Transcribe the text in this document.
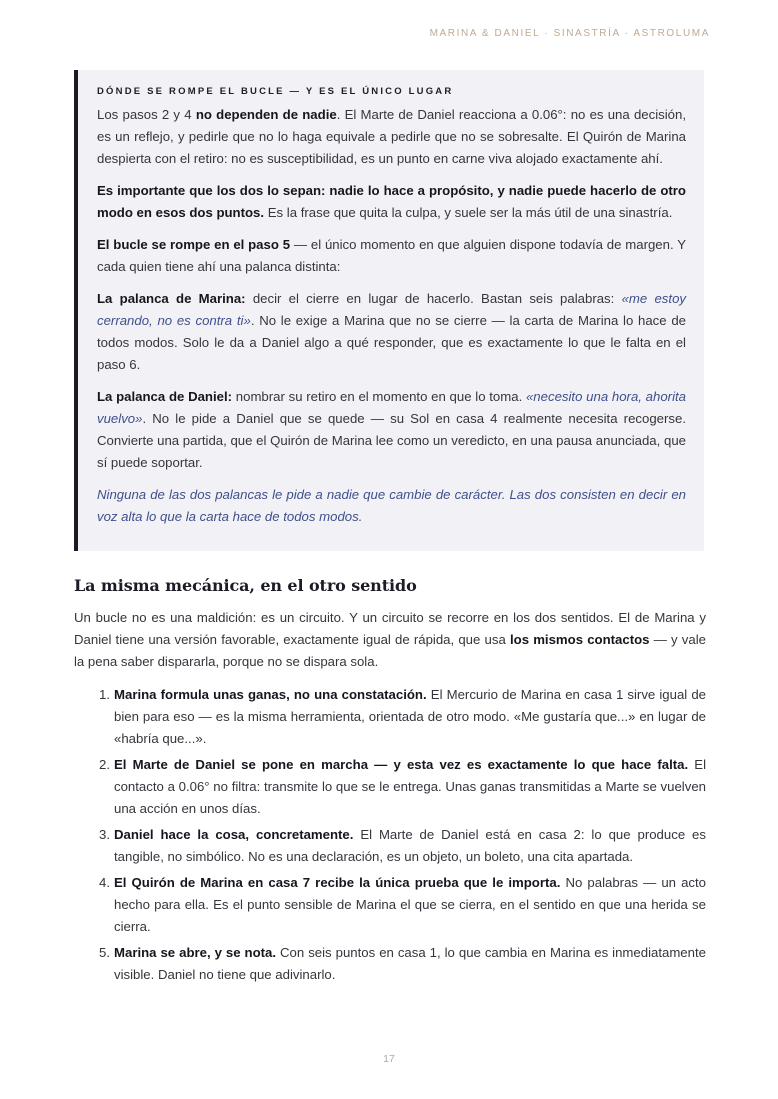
MARINA & DANIEL · SINASTRÍA · ASTROLUMA
DÓNDE SE ROMPE EL BUCLE — Y ES EL ÚNICO LUGAR

Los pasos 2 y 4 no dependen de nadie. El Marte de Daniel reacciona a 0.06°: no es una decisión, es un reflejo, y pedirle que no lo haga equivale a pedirle que no se sobresalte. El Quirón de Marina despierta con el retiro: no es susceptibilidad, es un punto en carne viva alojado exactamente ahí.

Es importante que los dos lo sepan: nadie lo hace a propósito, y nadie puede hacerlo de otro modo en esos dos puntos. Es la frase que quita la culpa, y suele ser la más útil de una sinastría.

El bucle se rompe en el paso 5 — el único momento en que alguien dispone todavía de margen. Y cada quien tiene ahí una palanca distinta:

La palanca de Marina: decir el cierre en lugar de hacerlo. Bastan seis palabras: «me estoy cerrando, no es contra ti». No le exige a Marina que no se cierre — la carta de Marina lo hace de todos modos. Solo le da a Daniel algo a qué responder, que es exactamente lo que le falta en el paso 6.

La palanca de Daniel: nombrar su retiro en el momento en que lo toma. «necesito una hora, ahorita vuelvo». No le pide a Daniel que se quede — su Sol en casa 4 realmente necesita recogerse. Convierte una partida, que el Quirón de Marina lee como un veredicto, en una pausa anunciada, que sí puede soportar.

Ninguna de las dos palancas le pide a nadie que cambie de carácter. Las dos consisten en decir en voz alta lo que la carta hace de todos modos.

La misma mecánica, en el otro sentido

Un bucle no es una maldición: es un circuito. Y un circuito se recorre en los dos sentidos. El de Marina y Daniel tiene una versión favorable, exactamente igual de rápida, que usa los mismos contactos — y vale la pena saber dispararla, porque no se dispara sola.

1. Marina formula unas ganas, no una constatación. El Mercurio de Marina en casa 1 sirve igual de bien para eso — es la misma herramienta, orientada de otro modo. «Me gustaría que...» en lugar de «habría que...».
2. El Marte de Daniel se pone en marcha — y esta vez es exactamente lo que hace falta. El contacto a 0.06° no filtra: transmite lo que se le entrega. Unas ganas transmitidas a Marte se vuelven una acción en unos días.
3. Daniel hace la cosa, concretamente. El Marte de Daniel está en casa 2: lo que produce es tangible, no simbólico. No es una declaración, es un objeto, un boleto, una cita apartada.
4. El Quirón de Marina en casa 7 recibe la única prueba que le importa. No palabras — un acto hecho para ella. Es el punto sensible de Marina el que se cierra, en el sentido en que una herida se cierra.
5. Marina se abre, y se nota. Con seis puntos en casa 1, lo que cambia en Marina es inmediatamente visible. Daniel no tiene que adivinarlo.
17
